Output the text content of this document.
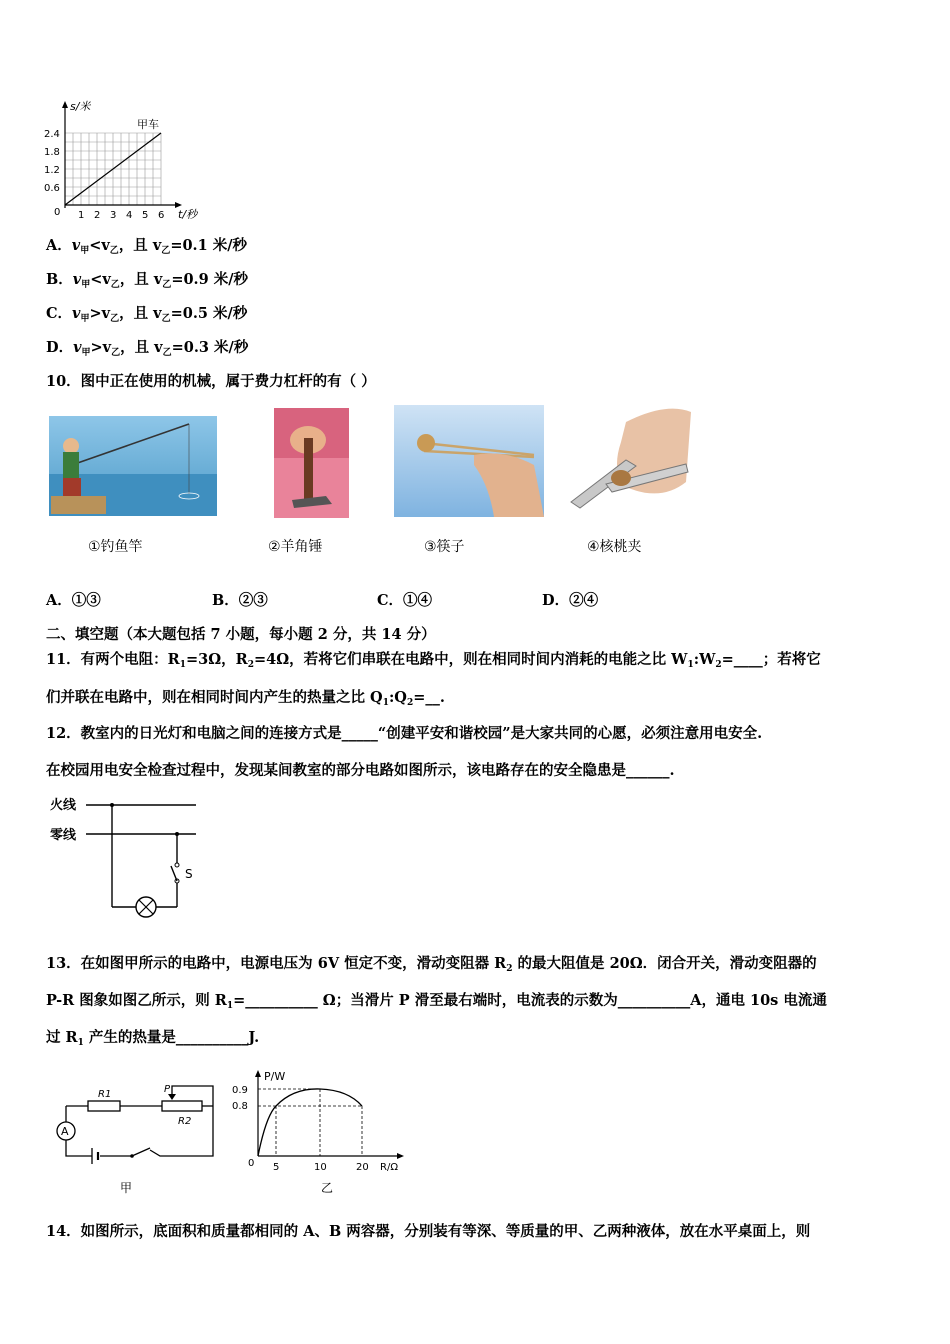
s/米
甲车
2.4
1.8
1.2
0.6
0 1 2 3 4 5 6 t/秒
A．$v_甲<v_乙$，且 $v_乙=0.1$ 米/秒
B．$v_甲<v_乙$，且 $v_乙=0.9$ 米/秒
C．$v_甲>v_乙$，且 $v_乙=0.5$ 米/秒
D．$v_甲>v_乙$，且 $v_乙=0.3$ 米/秒
10．图中正在使用的机械，属于费力杠杆的有（ ）
①钓鱼竿	②羊角锤	③筷子	④核桃夹
A．①③	B．②③	C．①④	D．②④
二、填空题（本大题包括 7 小题，每小题 2 分，共 14 分）
11．有两个电阻：$R_1=3\Omega$，$R_2=4\Omega$，若将它们串联在电路中，则在相同时间内消耗的电能之比 $W_1:W_2=\_\_\_\_$；若将它
们并联在电路中，则在相同时间内产生的热量之比 $Q_1:Q_2=\_\_$.
12．教室内的日光灯和电脑之间的连接方式是_____“创建平安和谐校园”是大家共同的心愿，必须注意用电安全.
在校园用电安全检查过程中，发现某间教室的部分电路如图所示，该电路存在的安全隐患是______.
火线
零线
S
13．在如图甲所示的电路中，电源电压为 6V 恒定不变，滑动变阻器 $R_2$ 的最大阻值是 20Ω．闭合开关，滑动变阻器的
P-R 图象如图乙所示，则 $R_1=\_\_\_\_\_\_\_\_\_\_$ Ω；当滑片 P 滑至最右端时，电流表的示数为__________A，通电 10s 电流通
过 $R_1$ 产生的热量是__________J.
A
R1	P
R2
甲
P/W
0.9
0.8
0 5	10	20 R/Ω
乙
14．如图所示，底面积和质量都相同的 A、B 两容器，分别装有等深、等质量的甲、乙两种液体，放在水平桌面上，则
